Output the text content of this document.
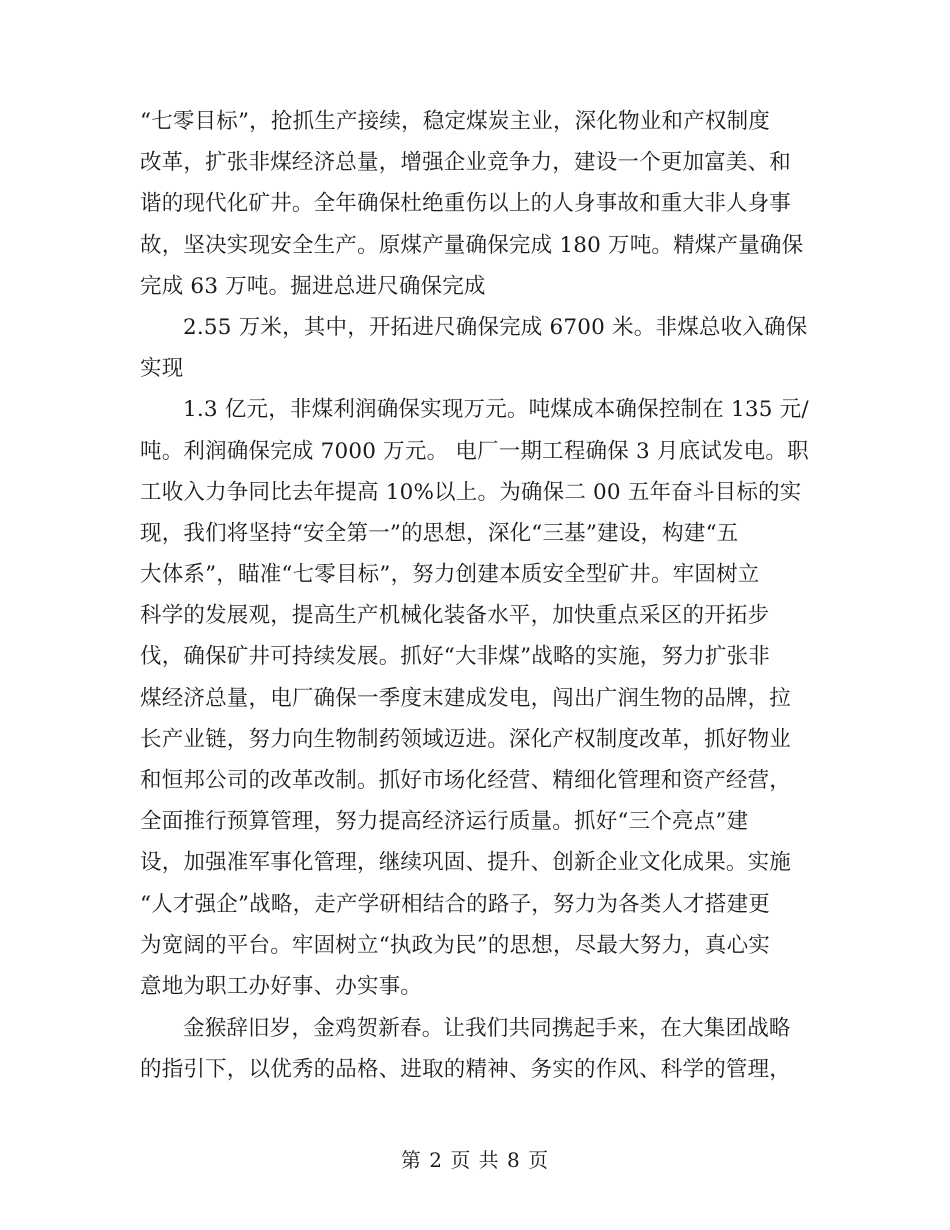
“七零目标”，抢抓生产接续，稳定煤炭主业，深化物业和产权制度
改革，扩张非煤经济总量，增强企业竞争力，建设一个更加富美、和
谐的现代化矿井。全年确保杜绝重伤以上的人身事故和重大非人身事
故，坚决实现安全生产。原煤产量确保完成 180 万吨。精煤产量确保
完成 63 万吨。掘进总进尺确保完成
2.55 万米，其中，开拓进尺确保完成 6700 米。非煤总收入确保
实现
1.3 亿元，非煤利润确保实现万元。吨煤成本确保控制在 135 元/
吨。利润确保完成 7000 万元。 电厂一期工程确保 3 月底试发电。职
工收入力争同比去年提高 10%以上。为确保二 00 五年奋斗目标的实
现，我们将坚持“安全第一”的思想，深化“三基”建设，构建“五
大体系”，瞄准“七零目标”，努力创建本质安全型矿井。牢固树立
科学的发展观，提高生产机械化装备水平，加快重点采区的开拓步
伐，确保矿井可持续发展。抓好“大非煤”战略的实施，努力扩张非
煤经济总量，电厂确保一季度末建成发电，闯出广润生物的品牌，拉
长产业链，努力向生物制药领域迈进。深化产权制度改革，抓好物业
和恒邦公司的改革改制。抓好市场化经营、精细化管理和资产经营，
全面推行预算管理，努力提高经济运行质量。抓好“三个亮点”建
设，加强准军事化管理，继续巩固、提升、创新企业文化成果。实施
“人才强企”战略，走产学研相结合的路子，努力为各类人才搭建更
为宽阔的平台。牢固树立“执政为民”的思想，尽最大努力，真心实
意地为职工办好事、办实事。
金猴辞旧岁，金鸡贺新春。让我们共同携起手来，在大集团战略
的指引下，以优秀的品格、进取的精神、务实的作风、科学的管理，
第 2 页 共 8 页
